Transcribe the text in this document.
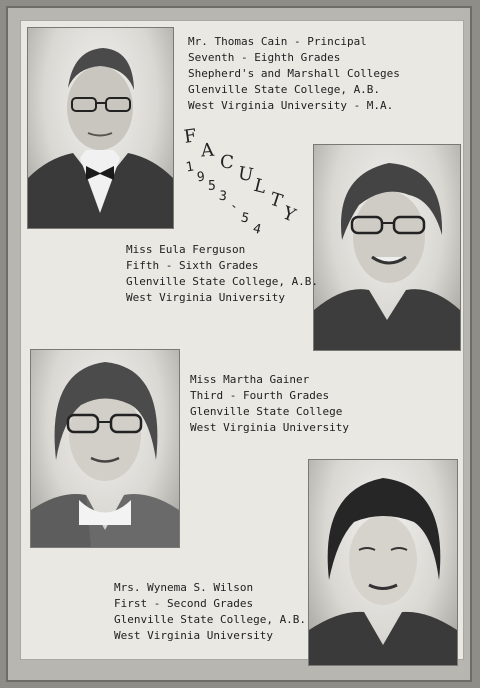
F
A
C
U
L
T
Y
1
9
5
3
-
5
4
Mr. Thomas Cain - Principal
Seventh - Eighth Grades
Shepherd's and Marshall Colleges
Glenville State College, A.B.
West Virginia University - M.A.
Miss Eula Ferguson
Fifth - Sixth Grades
Glenville State College, A.B.
West Virginia University
Miss Martha Gainer
Third - Fourth Grades
Glenville State College
West Virginia University
Mrs. Wynema S. Wilson
First - Second Grades
Glenville State College, A.B.
West Virginia University
